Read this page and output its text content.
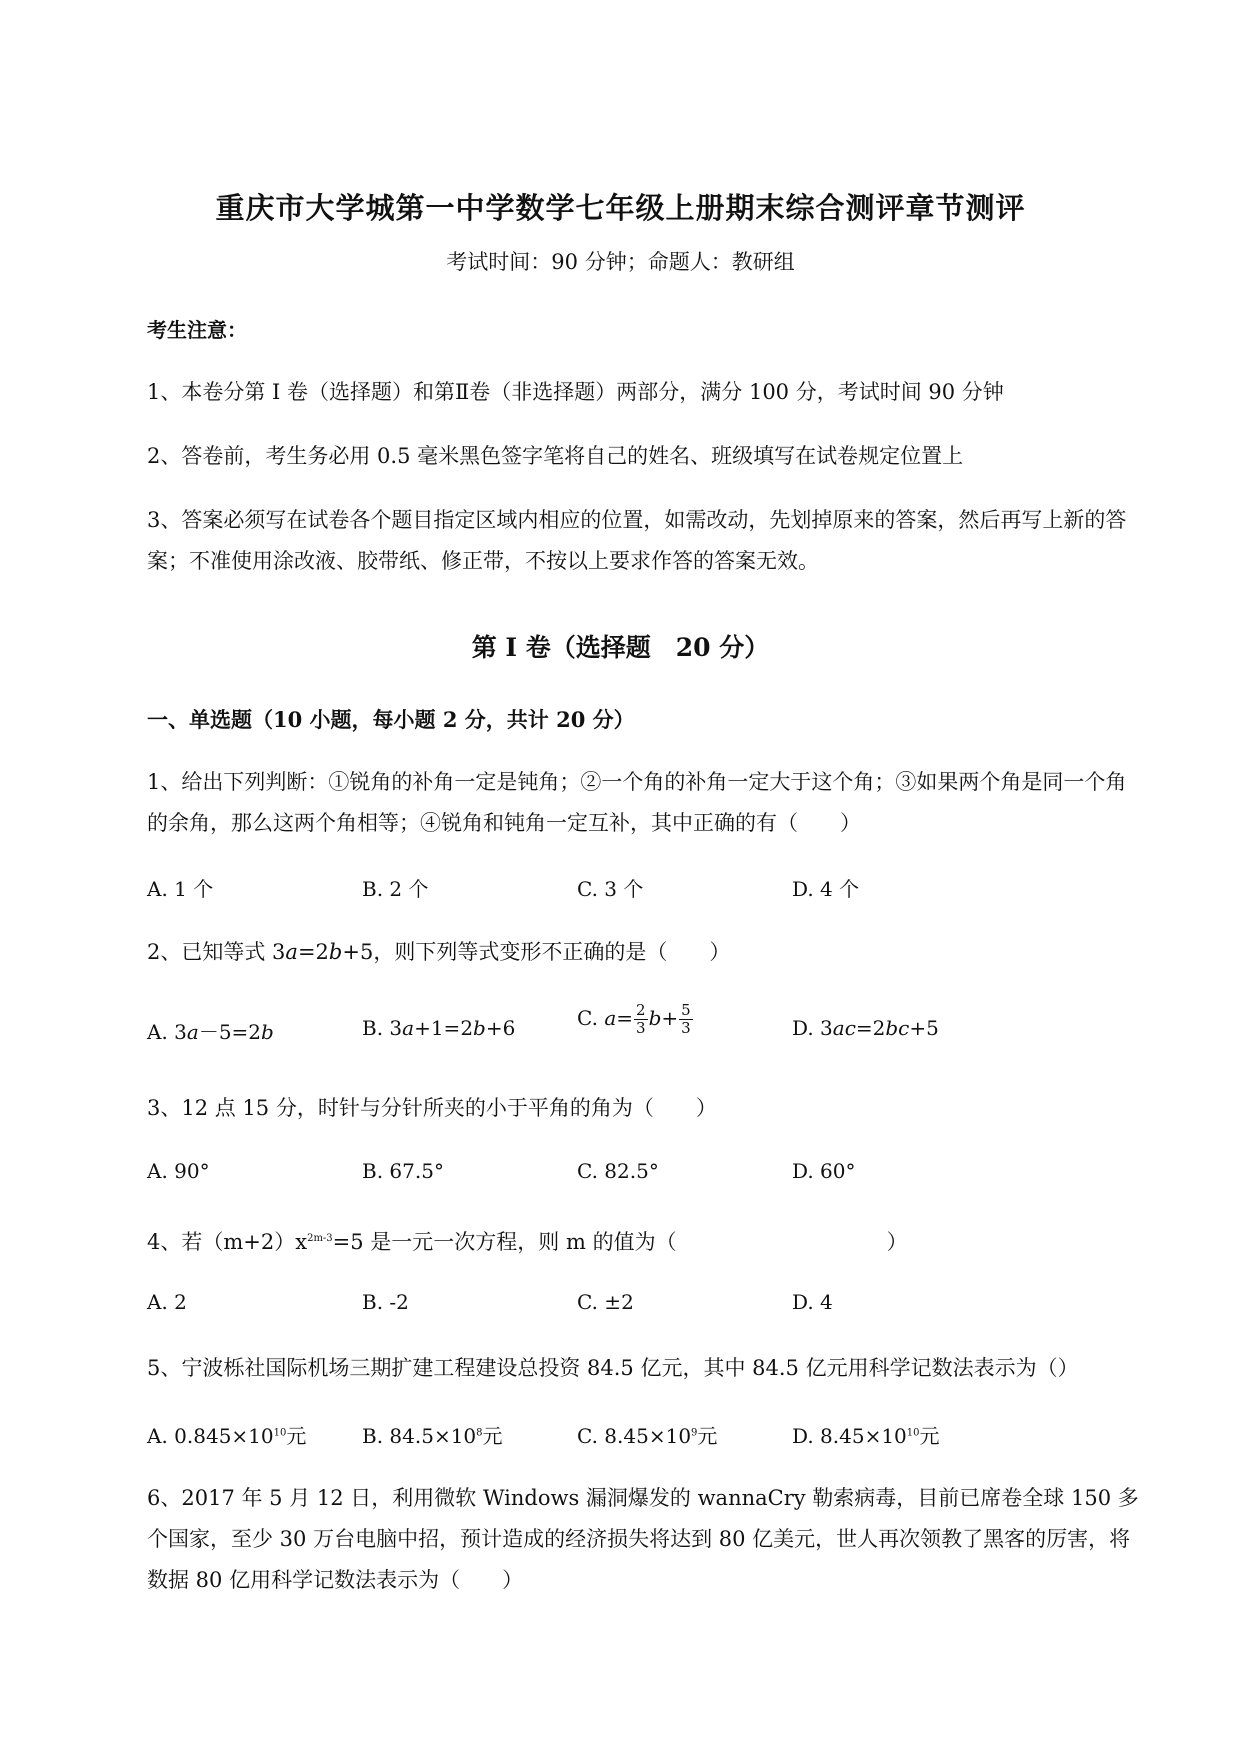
重庆市大学城第一中学数学七年级上册期末综合测评章节测评
考试时间：90 分钟；命题人：教研组
考生注意：
1、本卷分第 I 卷（选择题）和第Ⅱ卷（非选择题）两部分，满分 100 分，考试时间 90 分钟
2、答卷前，考生务必用 0.5 毫米黑色签字笔将自己的姓名、班级填写在试卷规定位置上
3、答案必须写在试卷各个题目指定区域内相应的位置，如需改动，先划掉原来的答案，然后再写上新的答案；不准使用涂改液、胶带纸、修正带，不按以上要求作答的答案无效。
第 I 卷（选择题　20 分）
一、单选题（10 小题，每小题 2 分，共计 20 分）
1、给出下列判断：①锐角的补角一定是钝角；②一个角的补角一定大于这个角；③如果两个角是同一个角的余角，那么这两个角相等；④锐角和钝角一定互补，其中正确的有（　　）
A. 1 个	B. 2 个	C. 3 个	D. 4 个
2、已知等式 3a=2b+5，则下列等式变形不正确的是（　　）
A. 3a－5=2b	B. 3a+1=2b+6	C. $a= \frac{2}{3} b+ \frac{5}{3}$	D. 3ac=2bc+5
3、12 点 15 分，时针与分针所夹的小于平角的角为（　　）
A. 90°	B. 67.5°	C. 82.5°	D. 60°
4、若$(m+2)x^{2m-3}=5$ 是一元一次方程，则 m 的值为（　　　　　　　　　　）
A. 2	B. -2	C. ±2	D. 4
5、宁波栎社国际机场三期扩建工程建设总投资 84.5 亿元，其中 84.5 亿元用科学记数法表示为（）
A. $0.845\times 10^{10}$元	B. $84.5\times 10^8$元	C. $8.45\times 10^9$元	D. $8.45\times 10^{10}$元
6、2017 年 5 月 12 日，利用微软 Windows 漏洞爆发的 wannaCry 勒索病毒，目前已席卷全球 150 多个国家，至少 30 万台电脑中招，预计造成的经济损失将达到 80 亿美元，世人再次领教了黑客的厉害，将数据 80 亿用科学记数法表示为（　　）
